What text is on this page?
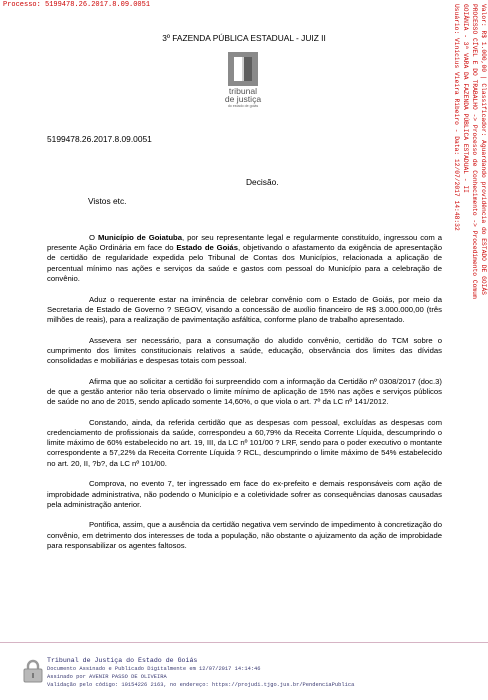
Processo: 5199478.26.2017.8.09.0051
3º FAZENDA PÚBLICA ESTADUAL - JUIZ II
tribunal
de justiça
do estado de goiás
5199478.26.2017.8.09.0051
Decisão.
Vistos etc.

O Município de Goiatuba, por seu representante legal e regularmente constituído, ingressou com a presente Ação Ordinária em face do Estado de Goiás, objetivando o afastamento da exigência de apresentação de certidão de regularidade expedida pelo Tribunal de Contas dos Municípios, relacionada a aplicação de percentual mínimo nas ações e serviços da saúde e gastos com pessoal do Município para a celebração de convênio.

Aduz o requerente estar na iminência de celebrar convênio com o Estado de Goiás, por meio da Secretaria de Estado de Governo ? SEGOV, visando a concessão de auxílio financeiro de R$ 3.000.000,00 (três milhões de reais), para a realização de pavimentação asfáltica, conforme plano de trabalho apresentado.

Assevera ser necessário, para a consumação do aludido convênio, certidão do TCM sobre o cumprimento dos limites constitucionais relativos a saúde, educação, observância dos limites das dívidas consolidadas e mobiliárias e despesas totais com pessoal.

Afirma que ao solicitar a certidão foi surpreendido com a informação da Certidão nº 0308/2017 (doc.3) de que a gestão anterior não teria observado o limite mínimo de aplicação de 15% nas ações e serviços públicos de saúde no ano de 2015, sendo aplicado somente 14,60%, o que viola o art. 7º da LC nº 141/2012.

Constando, ainda, da referida certidão que as despesas com pessoal, excluídas as despesas com credenciamento de profissionais da saúde, correspondeu a 60,79% da Receita Corrente Líquida, descumprindo o limite máximo de 60% estabelecido no art. 19, III, da LC nº 101/00 ? LRF, sendo para o poder executivo o montante correspondente a 57,22% da Receita Corrente Líquida ? RCL, descumprindo o limite máximo de 54% estabelecido no art. 20, II, ?b?, da LC nº 101/00.

Comprova, no evento 7, ter ingressado em face do ex-prefeito e demais responsáveis com ação de improbidade administrativa, não podendo o Município e a coletividade sofrer as consequências danosas causadas pela administração anterior.

Pontifica, assim, que a ausência da certidão negativa vem servindo de impedimento à concretização do convênio, em detrimento dos interesses de toda a população, não obstante o ajuizamento da ação de improbidade para responsabilizar os agentes faltosos.

Valor: R$ 1.000,00 | Classificador: Aguardando providência do ESTADO DE GOIÁS
PROCESSO CÍVEL E DO TRABALHO -> Processo de Conhecimento -> Procedimento Comum
GOIÂNIA - 3ª VARA DA FAZENDA PÚBLICA ESTADUAL - II
Usuário: Vinicius Vieira Ribeiro - Data: 12/07/2017 14:48:32
Tribunal de Justiça do Estado de Goiás
Documento Assinado e Publicado Digitalmente em 12/07/2017 14:14:46
Assinado por AVENIR PASSO DE OLIVEIRA
Validação pelo código: 10154226 2163, no endereço: https://projudi.tjgo.jus.br/PendenciaPublica
